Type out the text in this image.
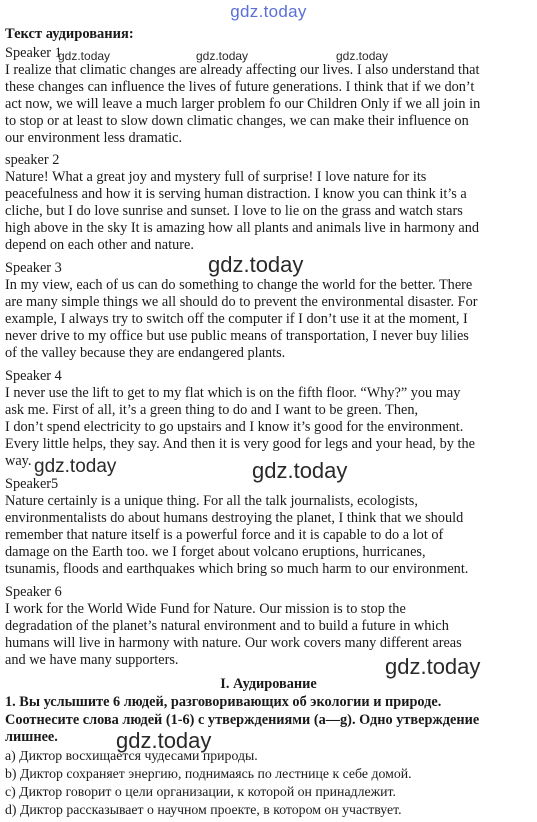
gdz.today
Текст аудирования:
Speaker 1
I realize that climatic changes are already affecting our lives. I also understand that
these changes can influence the lives of future generations. I think that if we don’t
act now, we will leave a much larger problem fo our Children Only if we all join in
to stop or at least to slow down climatic changes, we can make their influence on
our environment less dramatic.
speaker 2
Nature! What a great joy and mystery full of surprise! I love nature for its
peacefulness and how it is serving human distraction. I know you can think it’s a
cliche, but I do love sunrise and sunset. I love to lie on the grass and watch stars
high above in the sky It is amazing how all plants and animals live in harmony and
depend on each other and nature.
Speaker 3
In my view, each of us can do something to change the world for the better. There
are many simple things we all should do to prevent the environmental disaster. For
example, I always try to switch off the computer if I don’t use it at the moment, I
never drive to my office but use public means of transportation, I never buy lilies
of the valley because they are endangered plants.
Speaker 4
I never use the lift to get to my flat which is on the fifth floor. “Why?” you may
ask me. First of all, it’s a green thing to do and I want to be green. Then,
I don’t spend electricity to go upstairs and I know it’s good for the environment.
Every little helps, they say. And then it is very good for legs and your head, by the
way.
Speaker5
Nature certainly is a unique thing. For all the talk journalists, ecologists,
environmentalists do about humans destroying the planet, I think that we should
remember that nature itself is a powerful force and it is capable to do a lot of
damage on the Earth too. we I forget about volcano eruptions, hurricanes,
tsunamis, floods and earthquakes which bring so much harm to our environment.
Speaker 6
I work for the World Wide Fund for Nature. Our mission is to stop the
degradation of the planet’s natural environment and to build a future in which
humans will live in harmony with nature. Our work covers many different areas
and we have many supporters.
I. Аудирование
1. Вы услышите 6 людей, разговоривающих об экологии и природе.
Соотнесите слова людей (1-6) с утверждениями (a—g). Одно утверждение
лишнее.
a) Диктор восхищается чудесами природы.
b) Диктор сохраняет энергию, поднимаясь по лестнице к себе домой.
c) Диктор говорит о цели организации, к которой он принадлежит.
d) Диктор рассказывает о научном проекте, в котором он участвует.
gdz.today	gdz.today	gdz.today
gdz.today
gdz.today
gdz.today
gdz.today
gdz.today
